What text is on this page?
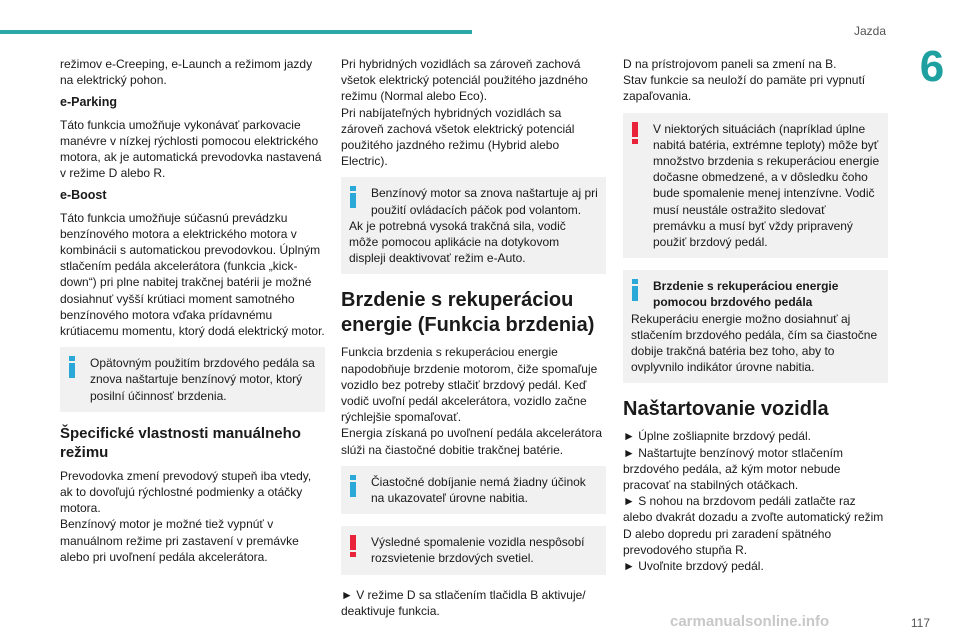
Jazda
6
režimov e-Creeping, e-Launch a režimom jazdy na elektrický pohon.
e-Parking
Táto funkcia umožňuje vykonávať parkovacie manévre v nízkej rýchlosti pomocou elektrického motora, ak je automatická prevodovka nastavená v režime D alebo R.
e-Boost
Táto funkcia umožňuje súčasnú prevádzku benzínového motora a elektrického motora v kombinácii s automatickou prevodovkou. Úplným stlačením pedála akcelerátora (funkcia „kick-down“) pri plne nabitej trakčnej batérii je možné dosiahnuť vyšší krútiaci moment samotného benzínového motora vďaka prídavnému krútiacemu momentu, ktorý dodá elektrický motor.
Opätovným použitím brzdového pedála sa znova naštartuje benzínový motor, ktorý posilní účinnosť brzdenia.
Špecifické vlastnosti manuálneho režimu
Prevodovka zmení prevodový stupeň iba vtedy, ak to dovoľujú rýchlostné podmienky a otáčky motora.
Benzínový motor je možné tiež vypnúť v manuálnom režime pri zastavení v premávke alebo pri uvoľnení pedála akcelerátora.
Pri hybridných vozidlách sa zároveň zachová všetok elektrický potenciál použitého jazdného režimu (Normal alebo Eco).
Pri nabíjateľných hybridných vozidlách sa zároveň zachová všetok elektrický potenciál použitého jazdného režimu (Hybrid alebo Electric).
Benzínový motor sa znova naštartuje aj pri použití ovládacích páčok pod volantom.
Ak je potrebná vysoká trakčná sila, vodič môže pomocou aplikácie na dotykovom displeji deaktivovať režim e-Auto.
Brzdenie s rekuperáciou energie (Funkcia brzdenia)
Funkcia brzdenia s rekuperáciou energie napodobňuje brzdenie motorom, čiže spomaľuje vozidlo bez potreby stlačiť brzdový pedál. Keď vodič uvoľní pedál akcelerátora, vozidlo začne rýchlejšie spomaľovať.
Energia získaná po uvoľnení pedála akcelerátora slúži na čiastočné dobitie trakčnej batérie.
Čiastočné dobíjanie nemá žiadny účinok na ukazovateľ úrovne nabitia.
Výsledné spomalenie vozidla nespôsobí rozsvietenie brzdových svetiel.
► V režime D sa stlačením tlačidla B aktivuje/ deaktivuje funkcia.
D na prístrojovom paneli sa zmení na B.
Stav funkcie sa neuloží do pamäte pri vypnutí zapaľovania.
V niektorých situáciách (napríklad úplne nabitá batéria, extrémne teploty) môže byť množstvo brzdenia s rekuperáciou energie dočasne obmedzené, a v dôsledku čoho bude spomalenie menej intenzívne. Vodič musí neustále ostražito sledovať premávku a musí byť vždy pripravený použiť brzdový pedál.
Brzdenie s rekuperáciou energie pomocou brzdového pedála
Rekuperáciu energie možno dosiahnuť aj stlačením brzdového pedála, čím sa čiastočne dobije trakčná batéria bez toho, aby to ovplyvnilo indikátor úrovne nabitia.
Naštartovanie vozidla
► Úplne zošliapnite brzdový pedál.
► Naštartujte benzínový motor stlačením brzdového pedála, až kým motor nebude pracovať na stabilných otáčkach.
► S nohou na brzdovom pedáli zatlačte raz alebo dvakrát dozadu a zvoľte automatický režim D alebo dopredu pri zaradení spätného prevodového stupňa R.
► Uvoľnite brzdový pedál.
carmanualsonline.info	117
